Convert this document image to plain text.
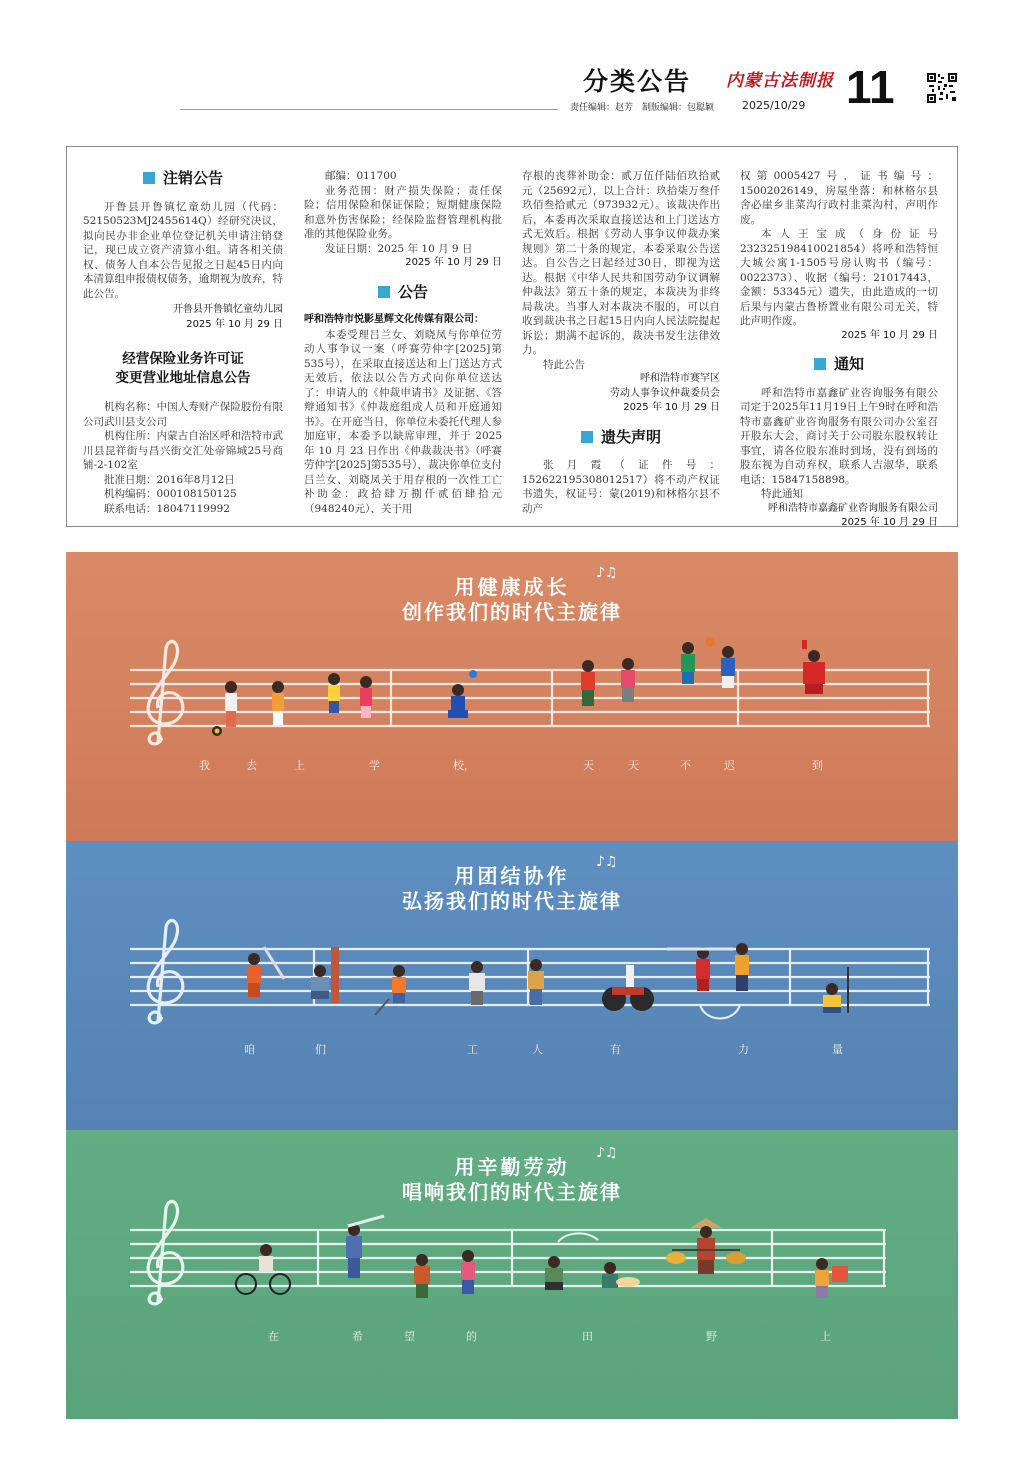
分类公告
责任编辑：赵芳　制版编辑：包聪颖
内蒙古法制报
2025/10/29 11
注销公告

开鲁县开鲁镇忆童幼儿园（代码：52150523MJ2455614Q）经研究决议，拟向民办非企业单位登记机关申请注销登记，现已成立资产清算小组。请各相关债权、债务人自本公告见报之日起45日内向本清算组申报债权债务，逾期视为放弃，特此公告。

开鲁县开鲁镇忆童幼儿园

2025 年 10 月 29 日

经营保险业务许可证
变更营业地址信息公告

机构名称：中国人寿财产保险股份有限公司武川县支公司

机构住所：内蒙古自治区呼和浩特市武川县昆祥街与昌兴街交汇处帝锦城25号商铺-2-102室

批准日期：2016年8月12日

机构编码：000108150125

联系电话：18047119992

邮编：011700

业务范围：财产损失保险；责任保险；信用保险和保证保险；短期健康保险和意外伤害保险；经保险监督管理机构批准的其他保险业务。

发证日期：2025 年 10 月 9 日

2025 年 10 月 29 日

公告

呼和浩特市悦影星辉文化传媒有限公司：

本委受理吕兰女、刘晓凤与你单位劳动人事争议一案（呼赛劳仲字[2025]第535号），在采取直接送达和上门送达方式无效后，依法以公告方式向你单位送达了：申请人的《仲裁申请书》及证据、《答辩通知书》《仲裁庭组成人员和开庭通知书》。在开庭当日，你单位未委托代理人参加庭审，本委予以缺席审理，并于 2025 年 10 月 23 日作出《仲裁裁决书》（呼赛劳仲字[2025]第535号），裁决你单位支付吕兰女、刘晓凤关于用存根的一次性工亡补助金：政拾肆万捌仟贰佰肆拾元（948240元）、关于用

存根的丧葬补助金：贰万伍仟陆佰玖拾贰元（25692元），以上合计：玖拾柒万叁仟玖佰叁拾贰元（973932元）。该裁决作出后，本委再次采取直接送达和上门送达方式无效后。根据《劳动人事争议仲裁办案规则》第二十条的规定，本委采取公告送达。自公告之日起经过30日，即视为送达。根据《中华人民共和国劳动争议调解仲裁法》第五十条的规定，本裁决为非终局裁决。当事人对本裁决不服的，可以自收到裁决书之日起15日内向人民法院提起诉讼；期满不起诉的，裁决书发生法律效力。

特此公告

呼和浩特市赛罕区

劳动人事争议仲裁委员会

2025 年 10 月 29 日

遗失声明

张月霞（证件号：152622195308012517）将不动产权证书遗失，权证号：蒙(2019)和林格尔县不动产

权第0005427号，证书编号：15002026149，房屋坐落：和林格尔县舍必崖乡韭菜沟行政村韭菜沟村，声明作废。

本人王宝成（身份证号232325198410021854）将呼和浩特恒大城公寓1-1505号房认购书（编号：0022373）、收据（编号：21017443，金额：53345元）遗失，由此造成的一切后果与内蒙古鲁桥置业有限公司无关，特此声明作废。

2025 年 10 月 29 日

通知

呼和浩特市嘉鑫矿业咨询服务有限公司定于2025年11月19日上午9时在呼和浩特市嘉鑫矿业咨询服务有限公司办公室召开股东大会，商讨关于公司股东股权转让事宜，请各位股东准时到场，没有到场的股东视为自动弃权，联系人吉淑华，联系电话：15847158898。

特此通知

呼和浩特市嘉鑫矿业咨询服务有限公司

2025 年 10 月 29 日

用健康成长
创作我们的时代主旋律
♪♫
我	去	上	学	校，	天	天	不	迟	到
用团结协作
弘扬我们的时代主旋律
♪♫
咱	们	工	人	有	力	量
用辛勤劳动
唱响我们的时代主旋律
♪♫
在	希	望	的	田	野	上
